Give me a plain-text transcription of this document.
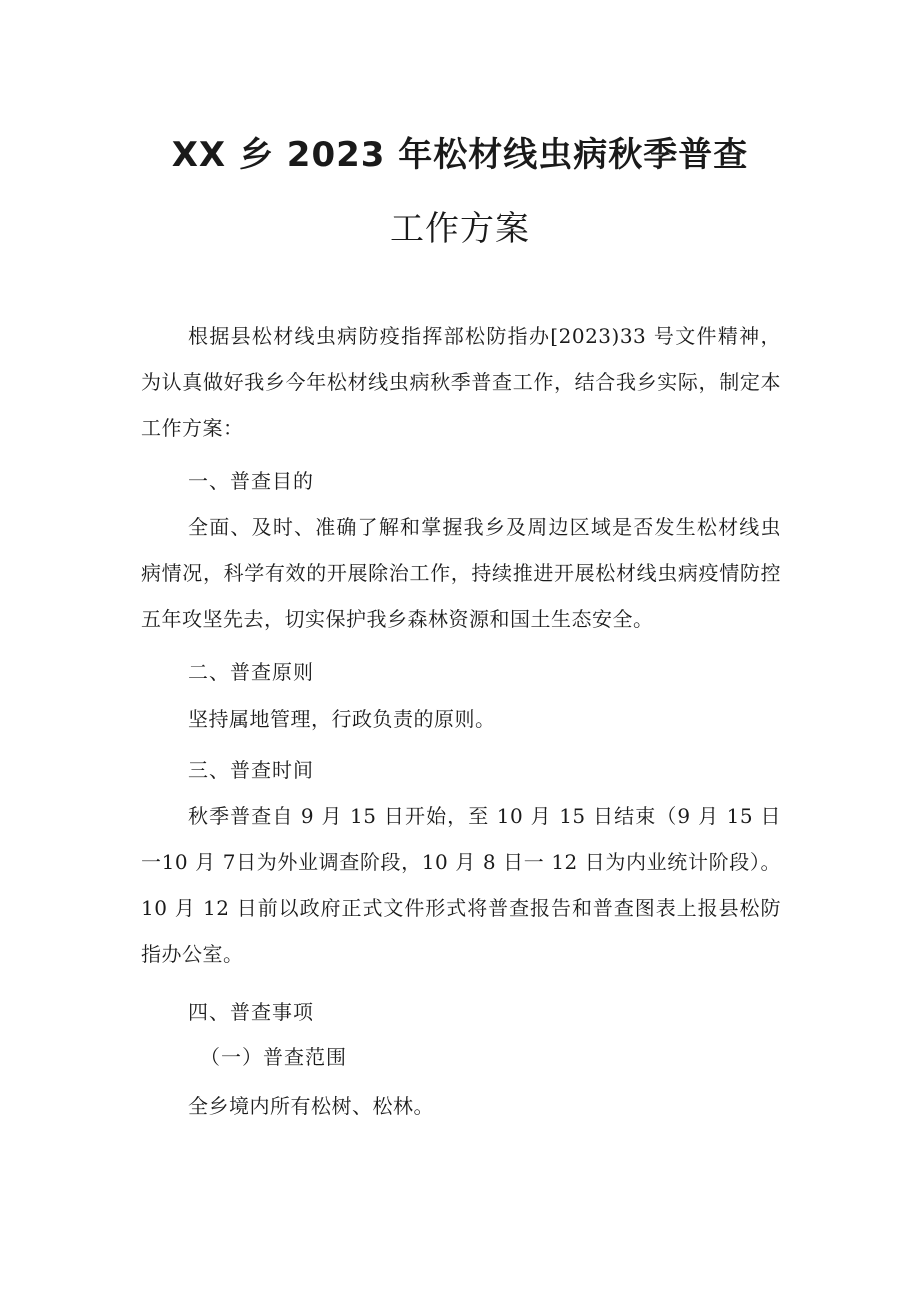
XX 乡 2023 年松材线虫病秋季普查
工作方案
根据县松材线虫病防疫指挥部松防指办[2023)33 号文件精神，为认真做好我乡今年松材线虫病秋季普查工作，结合我乡实际，制定本工作方案：
一、普查目的
全面、及时、准确了解和掌握我乡及周边区域是否发生松材线虫病情况，科学有效的开展除治工作，持续推进开展松材线虫病疫情防控五年攻坚先去，切实保护我乡森林资源和国土生态安全。
二、普查原则
坚持属地管理，行政负责的原则。
三、普查时间
秋季普查自 9 月 15 日开始，至 10 月 15 日结束（9 月 15 日一10 月 7日为外业调查阶段，10 月 8 日一 12 日为内业统计阶段）。10 月 12 日前以政府正式文件形式将普查报告和普查图表上报县松防指办公室。
四、普查事项
（一）普查范围
全乡境内所有松树、松林。
